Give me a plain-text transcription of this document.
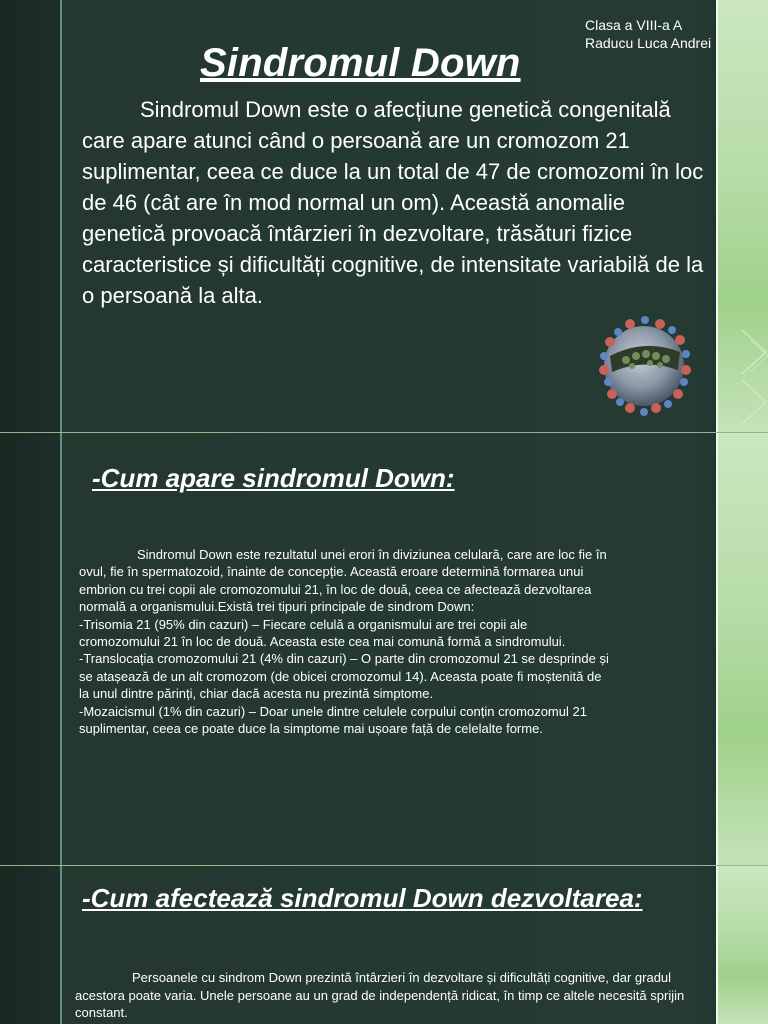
Sindromul Down
Clasa a VIII-a A
Raducu Luca Andrei

Sindromul Down este o afecțiune genetică congenitală care apare atunci când o persoană are un cromozom 21 suplimentar, ceea ce duce la un total de 47 de cromozomi în loc de 46 (cât are în mod normal un om). Această anomalie genetică provoacă întârzieri în dezvoltare, trăsături fizice caracteristice și dificultăți cognitive, de intensitate variabilă de la o persoană la alta.

-Cum apare sindromul Down:
Sindromul Down este rezultatul unei erori în diviziunea celulară, care are loc fie în ovul, fie în spermatozoid, înainte de concepție. Această eroare determină formarea unui embrion cu trei copii ale cromozomului 21, în loc de două, ceea ce afectează dezvoltarea normală a organismului.Există trei tipuri principale de sindrom Down:
-Trisomia 21 (95% din cazuri) – Fiecare celulă a organismului are trei copii ale cromozomului 21 în loc de două. Aceasta este cea mai comună formă a sindromului.
-Translocația cromozomului 21 (4% din cazuri) – O parte din cromozomul 21 se desprinde și se atașează de un alt cromozom (de obicei cromozomul 14). Aceasta poate fi moștenită de la unul dintre părinți, chiar dacă acesta nu prezintă simptome.
-Mozaicismul (1% din cazuri) – Doar unele dintre celulele corpului conțin cromozomul 21 suplimentar, ceea ce poate duce la simptome mai ușoare față de celelalte forme.
-Cum afectează sindromul Down dezvoltarea:

Persoanele cu sindrom Down prezintă întârzieri în dezvoltare și dificultăți cognitive, dar gradul acestora poate varia. Unele persoane au un grad de independență ridicat, în timp ce altele necesită sprijin constant.
